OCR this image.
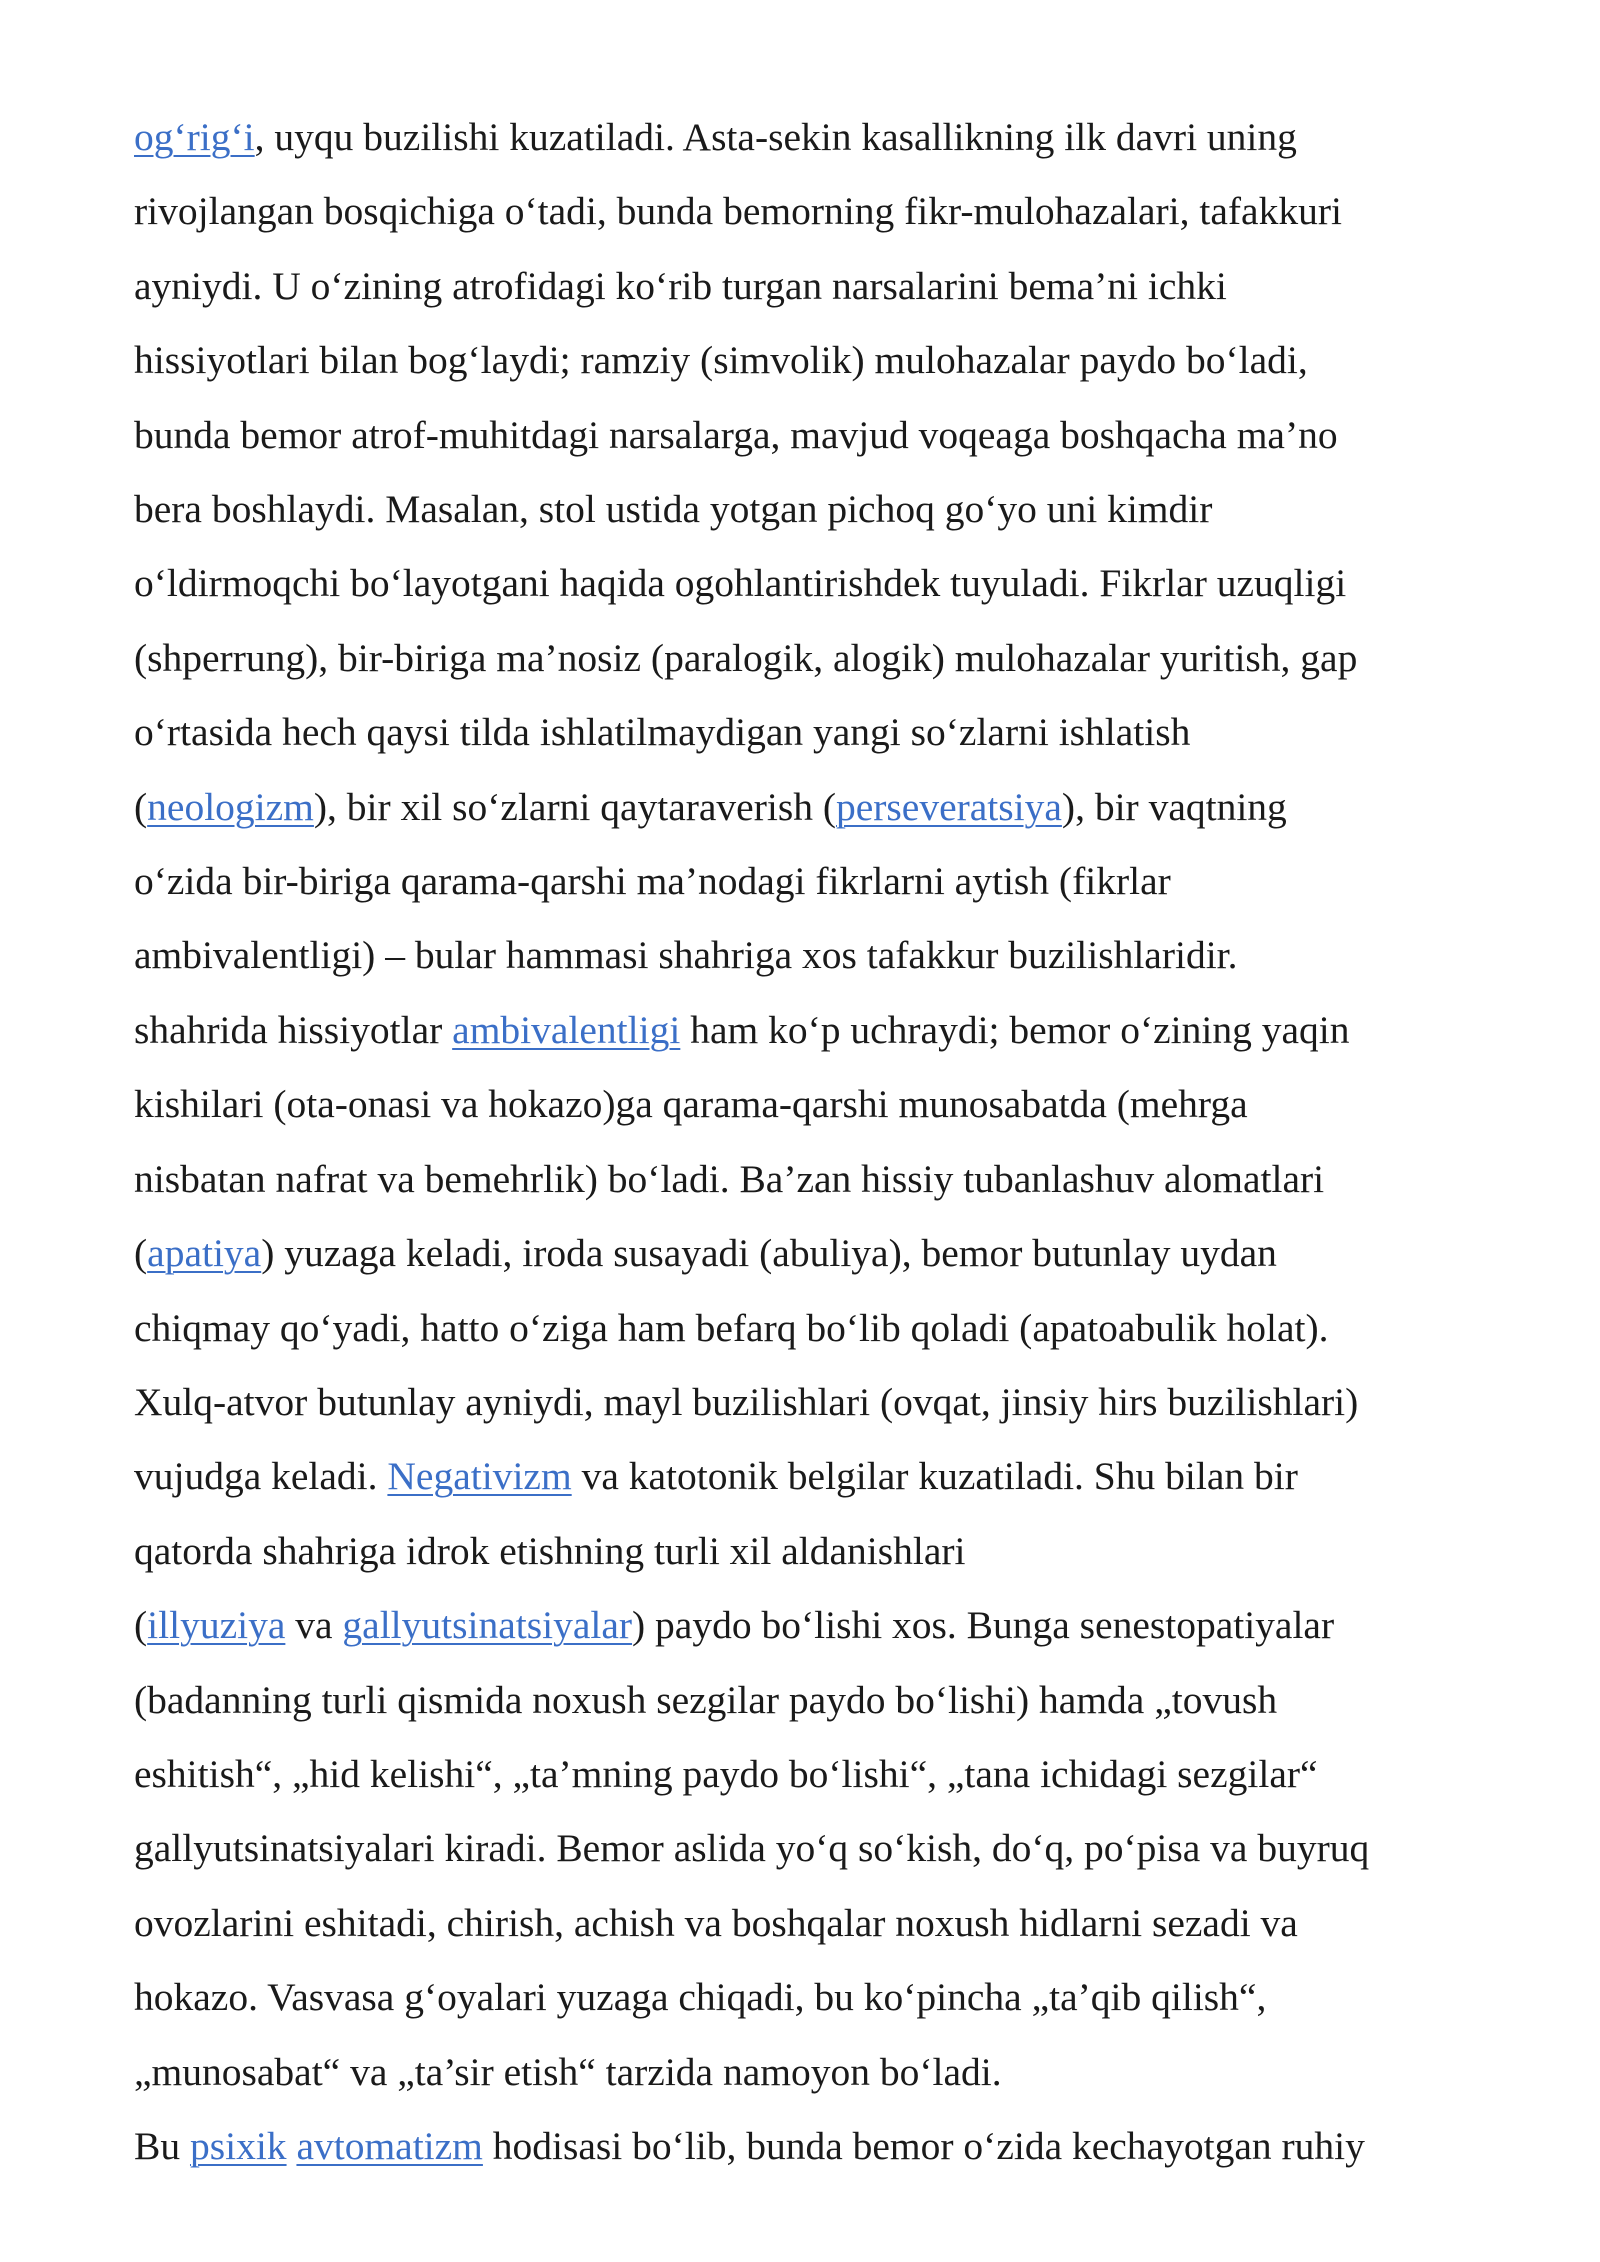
og‘rig‘i, uyqu buzilishi kuzatiladi. Asta-sekin kasallikning ilk davri uning
rivojlangan bosqichiga o‘tadi, bunda bemorning fikr-mulohazalari, tafakkuri
ayniydi. U o‘zining atrofidagi ko‘rib turgan narsalarini bema’ni ichki
hissiyotlari bilan bog‘laydi; ramziy (simvolik) mulohazalar paydo bo‘ladi,
bunda bemor atrof-muhitdagi narsalarga, mavjud voqeaga boshqacha ma’no
bera boshlaydi. Masalan, stol ustida yotgan pichoq go‘yo uni kimdir
o‘ldirmoqchi bo‘layotgani haqida ogohlantirishdek tuyuladi. Fikrlar uzuqligi
(shperrung), bir-biriga ma’nosiz (paralogik, alogik) mulohazalar yuritish, gap
o‘rtasida hech qaysi tilda ishlatilmaydigan yangi so‘zlarni ishlatish
(neologizm), bir xil so‘zlarni qaytaraverish (perseveratsiya), bir vaqtning
o‘zida bir-biriga qarama-qarshi ma’nodagi fikrlarni aytish (fikrlar
ambivalentligi) – bular hammasi shahriga xos tafakkur buzilishlaridir.
shahrida hissiyotlar ambivalentligi ham ko‘p uchraydi; bemor o‘zining yaqin
kishilari (ota-onasi va hokazo)ga qarama-qarshi munosabatda (mehrga
nisbatan nafrat va bemehrlik) bo‘ladi. Ba’zan hissiy tubanlashuv alomatlari
(apatiya) yuzaga keladi, iroda susayadi (abuliya), bemor butunlay uydan
chiqmay qo‘yadi, hatto o‘ziga ham befarq bo‘lib qoladi (apatoabulik holat).
Xulq-atvor butunlay ayniydi, mayl buzilishlari (ovqat, jinsiy hirs buzilishlari)
vujudga keladi. Negativizm va katotonik belgilar kuzatiladi. Shu bilan bir
qatorda shahriga idrok etishning turli xil aldanishlari
(illyuziya va gallyutsinatsiyalar) paydo bo‘lishi xos. Bunga senestopatiyalar
(badanning turli qismida noxush sezgilar paydo bo‘lishi) hamda „tovush
eshitish“, „hid kelishi“, „ta’mning paydo bo‘lishi“, „tana ichidagi sezgilar“
gallyutsinatsiyalari kiradi. Bemor aslida yo‘q so‘kish, do‘q, po‘pisa va buyruq
ovozlarini eshitadi, chirish, achish va boshqalar noxush hidlarni sezadi va
hokazo. Vasvasa g‘oyalari yuzaga chiqadi, bu ko‘pincha „ta’qib qilish“,
„munosabat“ va „ta’sir etish“ tarzida namoyon bo‘ladi.
Bu psixik avtomatizm hodisasi bo‘lib, bunda bemor o‘zida kechayotgan ruhiy
